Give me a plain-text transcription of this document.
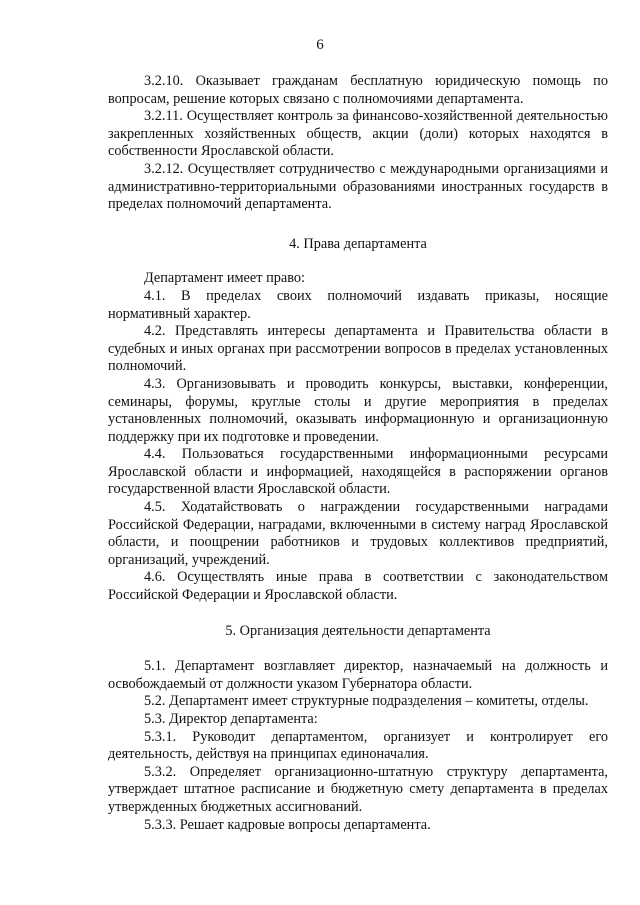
6

3.2.10. Оказывает гражданам бесплатную юридическую помощь по вопросам, решение которых связано с полномочиями департамента.

3.2.11. Осуществляет контроль за финансово-хозяйственной деятельностью закрепленных хозяйственных обществ, акции (доли) которых находятся в собственности Ярославской области.

3.2.12. Осуществляет сотрудничество с международными организациями и административно-территориальными образованиями иностранных государств в пределах полномочий департамента.

4. Права департамента

Департамент имеет право:

4.1. В пределах своих полномочий издавать приказы, носящие нормативный характер.

4.2. Представлять интересы департамента и Правительства области в судебных и иных органах при рассмотрении вопросов в пределах установленных полномочий.

4.3. Организовывать и проводить конкурсы, выставки, конференции, семинары, форумы, круглые столы и другие мероприятия в пределах установленных полномочий, оказывать информационную и организационную поддержку при их подготовке и проведении.

4.4. Пользоваться государственными информационными ресурсами Ярославской области и информацией, находящейся в распоряжении органов государственной власти Ярославской области.

4.5. Ходатайствовать о награждении государственными наградами Российской Федерации, наградами, включенными в систему наград Ярославской области, и поощрении работников и трудовых коллективов предприятий, организаций, учреждений.

4.6. Осуществлять иные права в соответствии с законодательством Российской Федерации и Ярославской области.

5. Организация деятельности департамента

5.1. Департамент возглавляет директор, назначаемый на должность и освобождаемый от должности указом Губернатора области.

5.2. Департамент имеет структурные подразделения – комитеты, отделы.

5.3. Директор департамента:

5.3.1. Руководит департаментом, организует и контролирует его деятельность, действуя на принципах единоначалия.

5.3.2. Определяет организационно-штатную структуру департамента, утверждает штатное расписание и бюджетную смету департамента в пределах утвержденных бюджетных ассигнований.

5.3.3. Решает кадровые вопросы департамента.
